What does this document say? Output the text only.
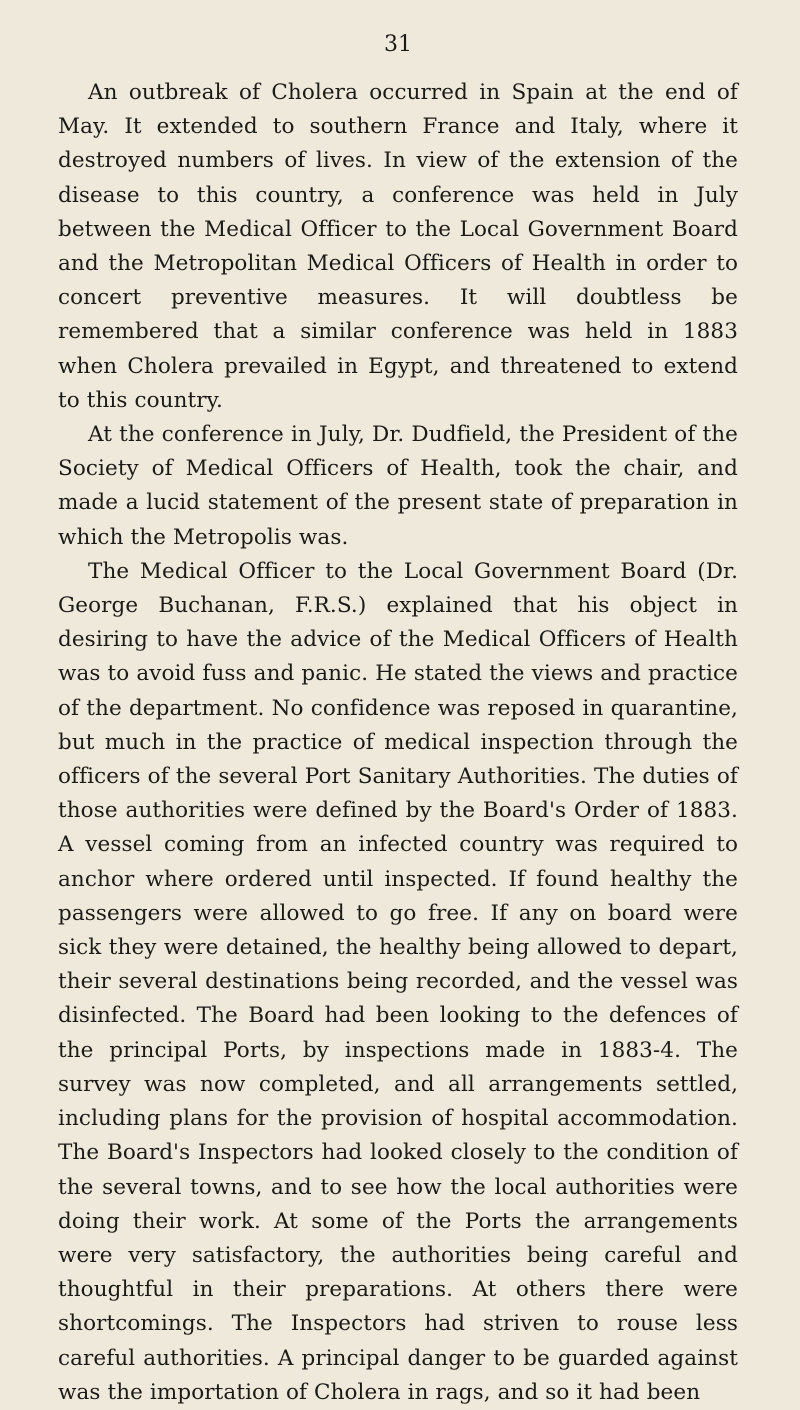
31

An outbreak of Cholera occurred in Spain at the end of May. It extended to southern France and Italy, where it destroyed numbers of lives. In view of the extension of the disease to this country, a conference was held in July between the Medical Officer to the Local Government Board and the Metropolitan Medical Officers of Health in order to concert preventive measures. It will doubtless be remembered that a similar conference was held in 1883 when Cholera prevailed in Egypt, and threatened to extend to this country.

At the conference in July, Dr. Dudfield, the President of the Society of Medical Officers of Health, took the chair, and made a lucid statement of the present state of preparation in which the Metropolis was.

The Medical Officer to the Local Government Board (Dr. George Buchanan, F.R.S.) explained that his object in desiring to have the advice of the Medical Officers of Health was to avoid fuss and panic. He stated the views and practice of the department. No confidence was reposed in quarantine, but much in the practice of medical inspection through the officers of the several Port Sanitary Authorities. The duties of those authorities were defined by the Board's Order of 1883. A vessel coming from an infected country was required to anchor where ordered until inspected. If found healthy the passengers were allowed to go free. If any on board were sick they were detained, the healthy being allowed to depart, their several destinations being recorded, and the vessel was disinfected. The Board had been looking to the defences of the principal Ports, by inspections made in 1883-4. The survey was now completed, and all arrangements settled, including plans for the provision of hospital accommodation. The Board's Inspectors had looked closely to the condition of the several towns, and to see how the local authorities were doing their work. At some of the Ports the arrangements were very satisfactory, the authorities being careful and thoughtful in their preparations. At others there were shortcomings. The Inspectors had striven to rouse less careful authorities. A principal danger to be guarded against was the importation of Cholera in rags, and so it had been
